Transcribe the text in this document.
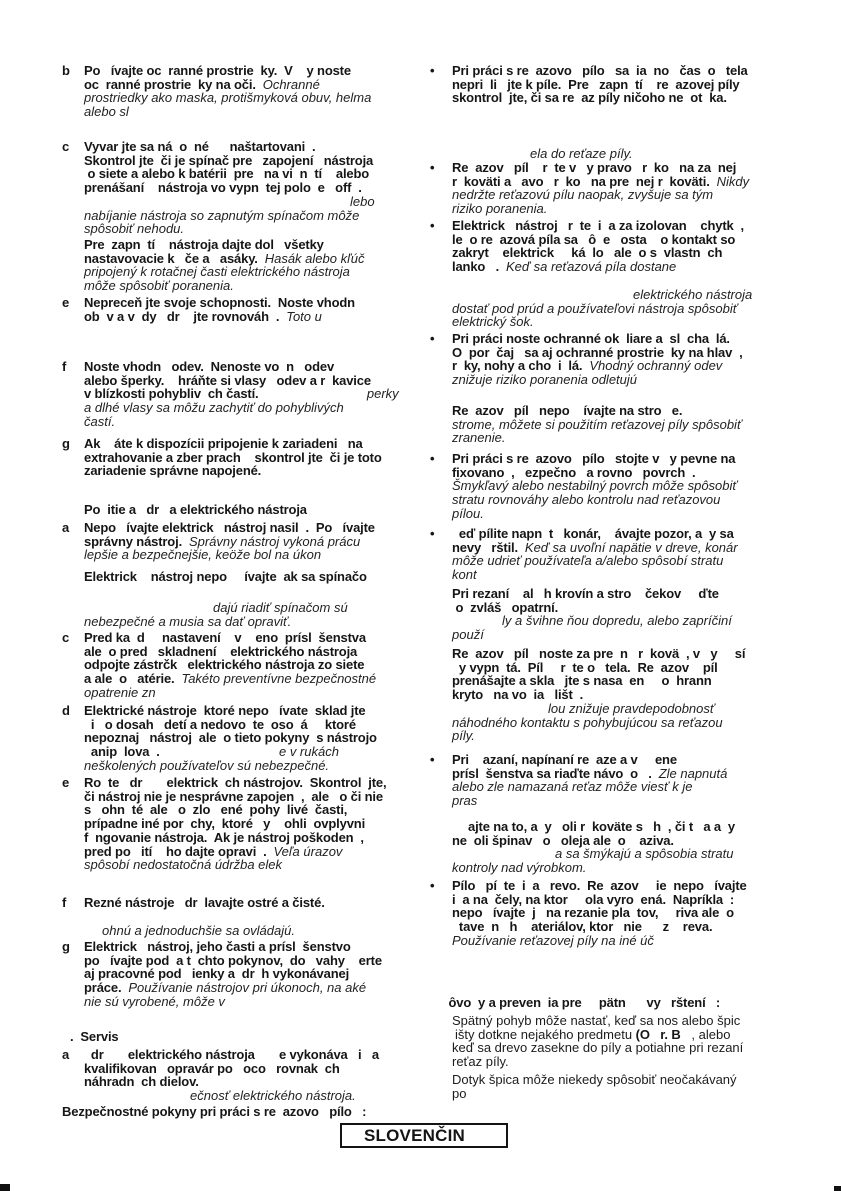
SLOVENČIN
b Po   ívajte oc  ranné prostrie  ky.  V    y noste
oc  ranné prostrie  ky na oči.  Ochranné
prostriedky ako maska, protišmyková obuv, helma
alebo sl
c Vyvar jte sa ná  o  né      naštartovani  .
Skontrol jte  či je spínač pre   zapojení   nástroja
o siete a alebo k batérii  pre   na vi  n  tí    alebo
prenášaní    nástroja vo vypn  tej polo  e   off  .
lebo
nabíjanie nástroja so zapnutým spínačom môže
spôsobiť nehodu.
Pre  zapn  tí    nástroja dajte dol   všetky
nastavovacie k   če a   asáky.  Hasák alebo kľúč
pripojený k rotačnej časti elektrického nástroja
môže spôsobiť poranenia.
e Nepreceň jte svoje schopnosti.  Noste vhodn
ob  v a v  dy   dr    jte rovnováh  .  Toto u
f Noste vhodn   odev.  Nenoste vo  n   odev
alebo šperky.    hráňte si vlasy   odev a r  kavice
v blízkosti pohybliv  ch častí.                              perky
a dlhé vlasy sa môžu zachytiť do pohyblivých
častí.
g Ak    áte k dispozícii pripojenie k zariadeni   na
extrahovanie a zber prach    skontrol jte  či je toto
zariadenie správne napojené.
Po  itie a   dr   a elektrického nástroja
a Nepo   ívajte elektrick   nástroj nasil  .  Po   ívajte
správny nástroj.  Správny nástroj vykoná prácu
lepšie a bezpečnejšie, keöže bol na úkon
Elektrick    nástroj nepo     ívajte  ak sa spínačo
dajú riadiť spínačom sú
nebezpečné a musia sa dať opraviť.
c Pred ka  d     nastavení    v    eno  prísl  šenstva
ale  o pred   skladnení    elektrického nástroja
odpojte zástrčk   elektrického nástroja zo siete
a ale  o   atérie.  Takéto preventívne bezpečnostné
opatrenie zn
d Elektrické nástroje  ktoré nepo   ívate  sklad jte
i   o dosah   detí a nedovo  te  oso  á     ktoré
nepoznaj   nástroj  ale  o tieto pokyny  s nástrojo
anip  lova  .                                 e v rukách
neškolených používateľov sú nebezpečné.
e Ro  te   dr       elektrick  ch nástrojov.  Skontrol  jte,
či nástroj nie je nesprávne zapojen  ,  ale   o či nie
s   ohn  té  ale   o  zlo   ené  pohy  livé  časti,
prípadne iné por  chy,  ktoré   y    ohli  ovplyvni
f  ngovanie nástroja.  Ak je nástroj poškoden  ,
pred po   ití    ho dajte opravi  .  Veľa úrazov
spôsobí nedostatočná údržba elek
f Rezné nástroje   dr  lavajte ostré a čisté.
ohnú a jednoduchšie sa ovládajú.
g Elektrick   nástroj, jeho časti a prísl  šenstvo
po   ívajte pod  a t  chto pokynov,  do   vahy    erte
aj pracovné pod   ienky a  dr  h vykonávanej
práce.  Používanie nástrojov pri úkonoch, na aké
nie sú vyrobené, môže v
.  Servis
a dr       elektrického nástroja       e vykonáva   i   a
kvalifikovan   opravár po   oco   rovnak  ch
náhradn  ch dielov.
ečnosť elektrického nástroja.
Bezpečnostné pokyny pri práci s re  azovo   pílo   :
• Pri práci s re  azovo   pílo   sa  ia  no   čas  o   tela
nepri  li   jte k píle.  Pre   zapn  tí    re  azovej píly
skontrol  jte, či sa re  az píly ničoho ne  ot  ka.
ela do reťaze píly.
• Re  azov   píl    r  te v   y pravo   r  ko   na za  nej
r  koväti a   avo   r  ko   na pre  nej r  koväti.  Nikdy
nedržte reťazovú pílu naopak, zvyšuje sa tým
riziko poranenia.
• Elektrick   nástroj   r  te  i  a za izolovan    chytk  ,
le  o re  azová píla sa   ô  e   osta    o kontakt so
zakryt    elektrick     ká  lo   ale  o s  vlastn  ch
lanko   .  Keď sa reťazová píla dostane
elektrického nástroja
dostať pod prúd a používateľovi nástroja spôsobiť
elektrický šok.
• Pri práci noste ochranné ok  liare a  sl  cha  lá.
O  por  čaj   sa aj ochranné prostrie  ky na hlav  ,
r  ky, nohy a cho  i  lá.  Vhodný ochranný odev
znižuje riziko poranenia odletujú
Re  azov   píl   nepo    ívajte na stro   e.
strome, môžete si použitím reťazovej píly spôsobiť
zranenie.
• Pri práci s re  azovo   pílo   stojte v   y pevne na
fixovano  ,   ezpečno   a rovno   povrch  .
Šmykľavý alebo nestabilný povrch môže spôsobiť
stratu rovnováhy alebo kontrolu nad reťazovou
pílou.
• eď pílite napn  t   konár,    ávajte pozor, a  y sa
nevy   rštil.  Keď sa uvoľní napätie v dreve, konár
môže udrieť používateľa a/alebo spôsobí stratu
kont
Pri rezaní    al   h krovín a stro    čekov     ďte
o  zvláš   opatrní.
ly a švihne ňou dopredu, alebo zapríčiní
použí
Re  azov   píl   noste za pre  n   r  kovä  , v   y     sí
y vypn  tá.  Píl     r  te o   tela.  Re  azov    píl
prenášajte a skla   jte s nasa  en     o  hrann
kryto   na vo  ia   lišt  .
lou znižuje pravdepodobnosť
náhodného kontaktu s pohybujúcou sa reťazou
píly.
• Pri    azaní, napínaní re  aze a v     ene
prísl  šenstva sa riaďte návo  o   .  Zle napnutá
alebo zle namazaná reťaz môže viesť k je
pras
ajte na to, a  y   oli r  koväte s   h  , či t   a a  y
ne  oli špinav   o   oleja ale  o    aziva.
a sa šmýkajú a spôsobia stratu
kontroly nad výrobkom.
• Pílo   pí  te  i  a   revo.  Re  azov     ie  nepo   ívajte
i  a na  čely, na ktor     ola vyro  ená.  Napríkla  :
nepo   ívajte  j   na rezanie pla  tov,     riva ale  o
tave  n   h    ateriálov, ktor   nie      z    reva.
Používanie reťazovej píly na iné úč
ôvo  y a preven  ia pre     pätn      vy   rštení   :
Spätný pohyb môže nastať, keď sa nos alebo špic
išty dotkne nejakého predmetu (O   r. B   , alebo
keď sa drevo zasekne do píly a potiahne pri rezaní
reťaz píly.
Dotyk špica môže niekedy spôsobiť neočakávaný
po
